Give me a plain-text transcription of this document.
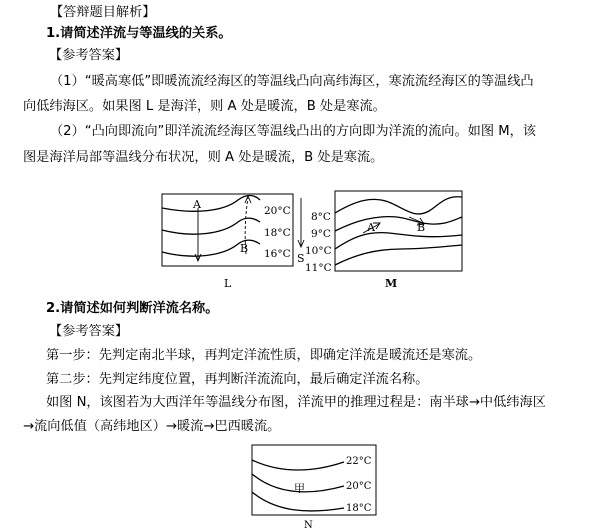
【答辩题目解析】
1.请简述洋流与等温线的关系。
【参考答案】
（1）“暖高寒低”即暖流流经海区的等温线凸向高纬海区，寒流流经海区的等温线凸
向低纬海区。如果图 L 是海洋，则 A 处是暖流，B 处是寒流。
（2）“凸向即流向”即洋流流经海区等温线凸出的方向即为洋流的流向。如图 M，该
图是海洋局部等温线分布状况，则 A 处是暖流，B 处是寒流。
A
B
20°C
18°C
16°C S
L
A	B
8°C
9°C
10°C
11°C
M
2.请简述如何判断洋流名称。
【参考答案】
第一步：先判定南北半球，再判定洋流性质，即确定洋流是暖流还是寒流。
第二步：先判定纬度位置，再判断洋流流向，最后确定洋流名称。
如图 N，该图若为大西洋年等温线分布图，洋流甲的推理过程是：南半球→中低纬海区
→流向低值（高纬地区）→暖流→巴西暖流。
甲
22°C
20°C
18°C
N
